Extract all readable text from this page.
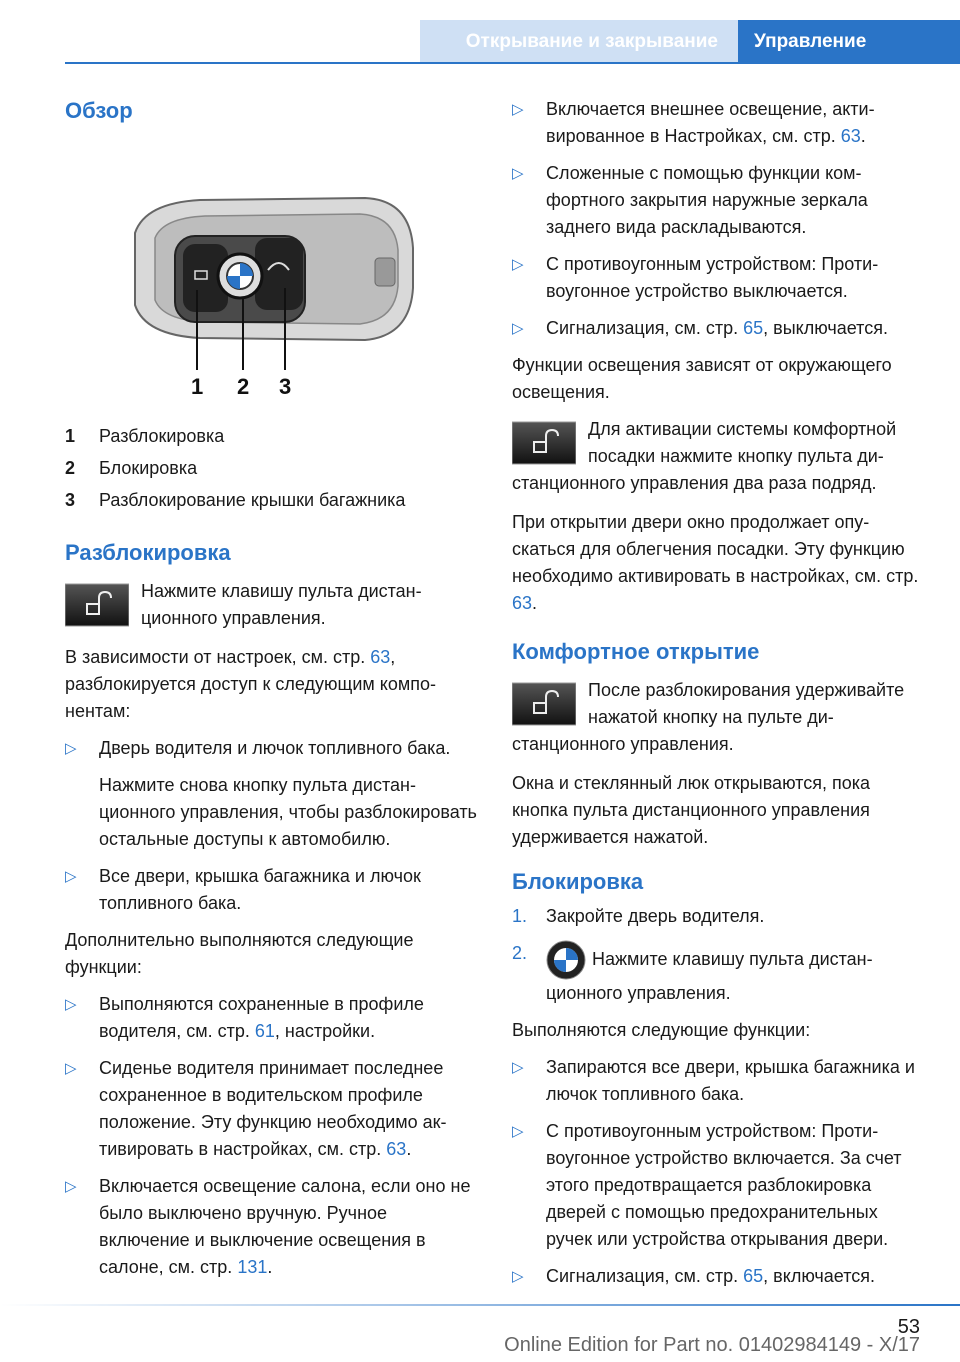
Открывание и закрывание	Управление
Обзор
1 2 3
1	Разблокировка
2	Блокировка
3	Разблокирование крышки багажника
Разблокировка
Нажмите клавишу пульта дистанционного управления.

В зависимости от настроек, см. стр. 63, разблокируется доступ к следующим компонентам:

▷	Дверь водителя и лючок топливного бака.

Нажмите снова кнопку пульта дистанционного управления, чтобы разблокировать остальные доступы к автомобилю.

▷	Все двери, крышка багажника и лючок топливного бака.

Дополнительно выполняются следующие функции:

▷	Выполняются сохраненные в профиле водителя, см. стр. 61, настройки.
▷	Сиденье водителя принимает последнее сохраненное в водительском профиле положение. Эту функцию необходимо активировать в настройках, см. стр. 63.
▷	Включается освещение салона, если оно не было выключено вручную. Ручное включение и выключение освещения в салоне, см. стр. 131.
▷	Включается внешнее освещение, активированное в Настройках, см. стр. 63.
▷	Сложенные с помощью функции комфортного закрытия наружные зеркала заднего вида раскладываются.
▷	С противоугонным устройством: Противоугонное устройство выключается.
▷	Сигнализация, см. стр. 65, выключается.

Функции освещения зависят от окружающего освещения.

Для активации системы комфортной посадки нажмите кнопку пульта дистанционного управления два раза подряд.

При открытии двери окно продолжает опускаться для облегчения посадки. Эту функцию необходимо активировать в настройках, см. стр. 63.

Комфортное открытие
После разблокирования удерживайте нажатой кнопку на пульте дистанционного управления.

Окна и стеклянный люк открываются, пока кнопка пульта дистанционного управления удерживается нажатой.

Блокировка
1.	Закройте дверь водителя.
2.	Нажмите клавишу пульта дистанционного управления.

Выполняются следующие функции:

▷	Запираются все двери, крышка багажника и лючок топливного бака.
▷	С противоугонным устройством: Противоугонное устройство включается. За счет этого предотвращается разблокировка дверей с помощью предохранительных ручек или устройства открывания двери.
▷	Сигнализация, см. стр. 65, включается.
53
Online Edition for Part no. 01402984149 - X/17
